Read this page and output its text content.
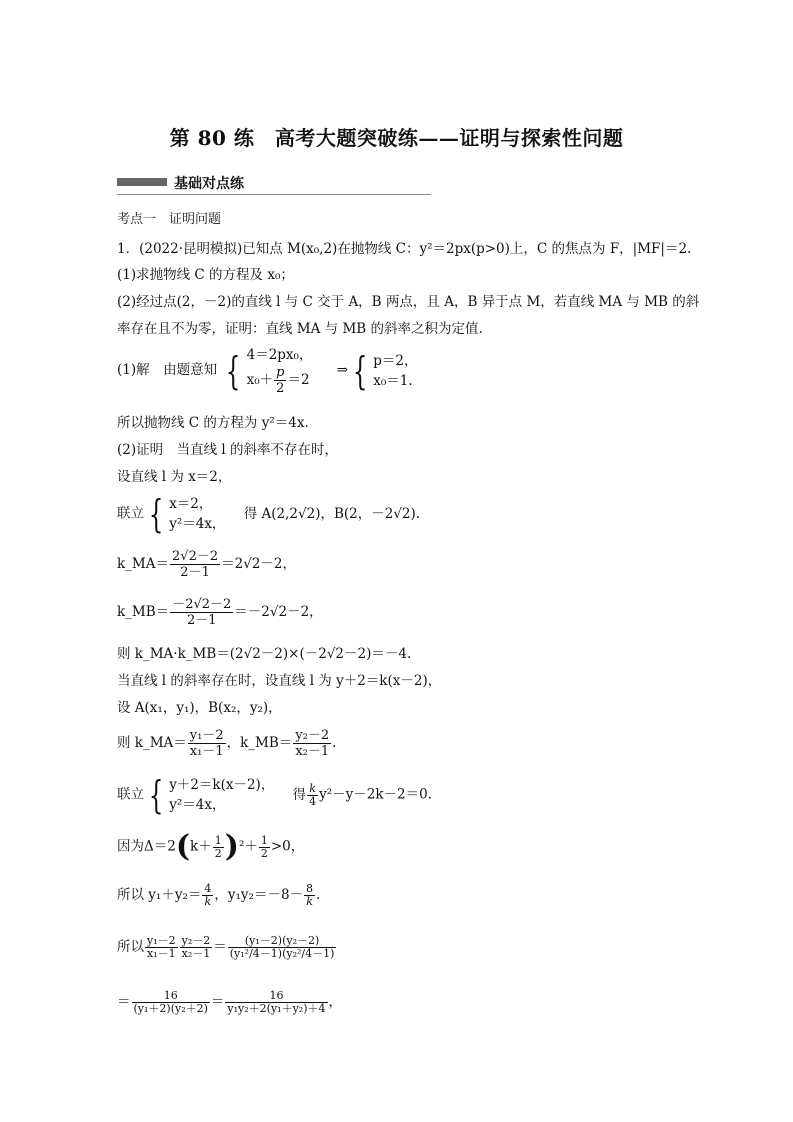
第 80 练　高考大题突破练——证明与探索性问题
基础对点练
考点一　证明问题
1．(2022·昆明模拟)已知点 M(x₀,2)在抛物线 C：y²＝2px(p>0)上，C 的焦点为 F，|MF|＝2.
(1)求抛物线 C 的方程及 x₀；
(2)经过点(2，－2)的直线 l 与 C 交于 A，B 两点，且 A，B 异于点 M，若直线 MA 与 MB 的斜
率存在且不为零，证明：直线 MA 与 MB 的斜率之积为定值.
(1)解　由题意知 { 4＝2px₀，
$x_0+ \frac{p}{2} =2$
⇒ { p＝2，
x₀＝1.
所以抛物线 C 的方程为 y²＝4x.
(2)证明　当直线 l 的斜率不存在时，
设直线 l 为 x＝2，
联立 { x＝2，
y²＝4x，
得 A(2,2√2)，B(2，－2√2).
k_MA＝ $\frac{2√2-2}{2-1} =2√2-2$，
k_MB＝ $\frac{-2√2-2}{2-1} =-2√2-2$，
则 k_MA·k_MB＝(2√2－2)×(－2√2－2)＝－4.
当直线 l 的斜率存在时，设直线 l 为 y＋2＝k(x－2)，
设 A(x₁，y₁)，B(x₂，y₂)，
则 k_MA＝ $\frac{\text{y₁－2}}{\text{x₁－1}}$ ，k_MB＝ $\frac{\text{y₂－2}}{\text{x₂－1}}$ .
联立 { y＋2＝k(x－2)，
y²＝4x，
得 $\frac{k}{4} y^2-y-2k-2=0$.
因为$\Delta=2(k+ \frac{1}{2} )^2+ \frac{1}{2} >0$，
所以 $y_1+y_2= \frac{4}{k}$ ，$y_1y_2=-8- \frac{8}{k}$ .
所以 $\frac{\text{y₁－2}}{\text{x₁－1}} \frac{\text{y₂－2}}{\text{x₂－1}} = \frac{\text{(y₁－2)(y₂－2)}}{\text{(y₁²/4－1)(y₂²/4－1)}}$
＝ $\frac{16}{\text{(y₁＋2)(y₂＋2)}} = \frac{16}{\text{y₁y₂＋2(y₁＋y₂)＋4}}$ ，
